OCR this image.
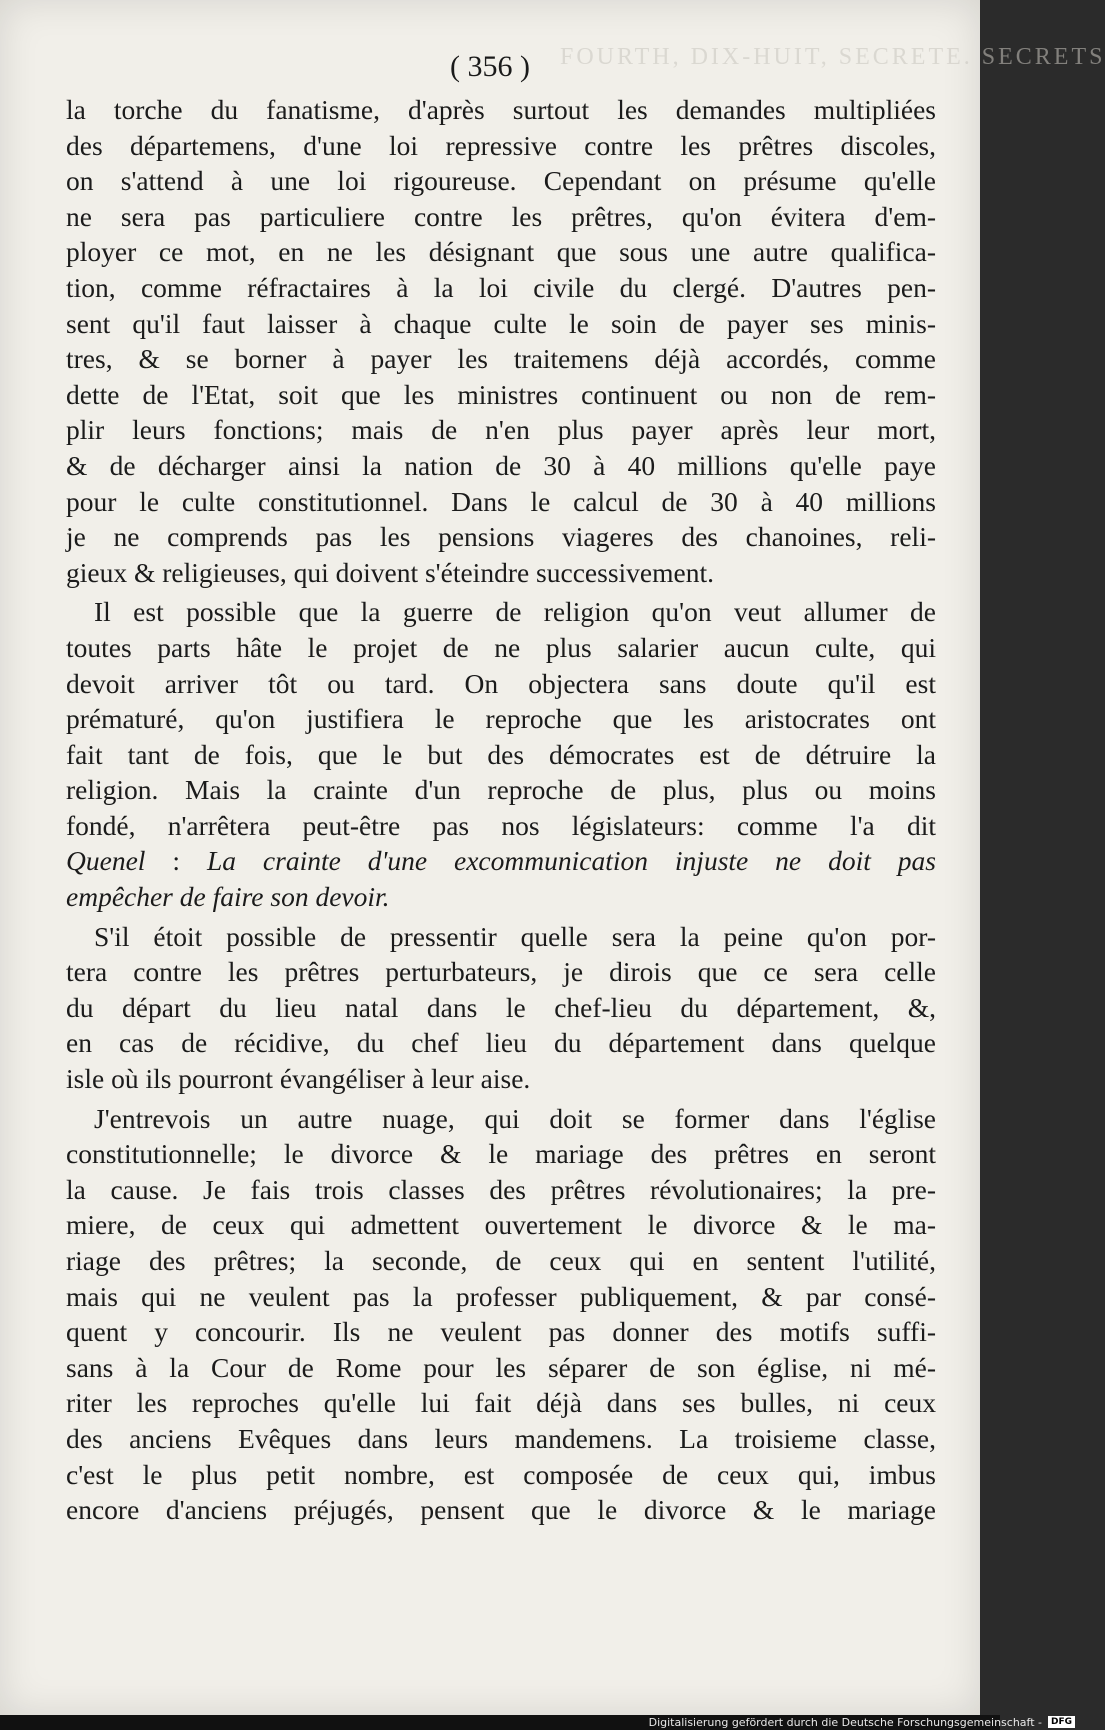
FOURTH, DIX-HUIT, SECRETE. SECRETS
( 356 )
la torche du fanatisme, d'après surtout les demandes multipliées
des départemens, d'une loi repressive contre les prêtres discoles,
on s'attend à une loi rigoureuse. Cependant on présume qu'elle
ne sera pas particuliere contre les prêtres, qu'on évitera d'em-
ployer ce mot, en ne les désignant que sous une autre qualifica-
tion, comme réfractaires à la loi civile du clergé. D'autres pen-
sent qu'il faut laisser à chaque culte le soin de payer ses minis-
tres, & se borner à payer les traitemens déjà accordés, comme
dette de l'Etat, soit que les ministres continuent ou non de rem-
plir leurs fonctions; mais de n'en plus payer après leur mort,
& de décharger ainsi la nation de 30 à 40 millions qu'elle paye
pour le culte constitutionnel. Dans le calcul de 30 à 40 millions
je ne comprends pas les pensions viageres des chanoines, reli-
gieux & religieuses, qui doivent s'éteindre successivement.
Il est possible que la guerre de religion qu'on veut allumer de
toutes parts hâte le projet de ne plus salarier aucun culte, qui
devoit arriver tôt ou tard. On objectera sans doute qu'il est
prématuré, qu'on justifiera le reproche que les aristocrates ont
fait tant de fois, que le but des démocrates est de détruire la
religion. Mais la crainte d'un reproche de plus, plus ou moins
fondé, n'arrêtera peut-être pas nos législateurs: comme l'a dit
Quenel : La crainte d'une excommunication injuste ne doit pas
empêcher de faire son devoir.
S'il étoit possible de pressentir quelle sera la peine qu'on por-
tera contre les prêtres perturbateurs, je dirois que ce sera celle
du départ du lieu natal dans le chef-lieu du département, &,
en cas de récidive, du chef lieu du département dans quelque
isle où ils pourront évangéliser à leur aise.
J'entrevois un autre nuage, qui doit se former dans l'église
constitutionnelle; le divorce & le mariage des prêtres en seront
la cause. Je fais trois classes des prêtres révolutionaires; la pre-
miere, de ceux qui admettent ouvertement le divorce & le ma-
riage des prêtres; la seconde, de ceux qui en sentent l'utilité,
mais qui ne veulent pas la professer publiquement, & par consé-
quent y concourir. Ils ne veulent pas donner des motifs suffi-
sans à la Cour de Rome pour les séparer de son église, ni mé-
riter les reproches qu'elle lui fait déjà dans ses bulles, ni ceux
des anciens Evêques dans leurs mandemens. La troisieme classe,
c'est le plus petit nombre, est composée de ceux qui, imbus
encore d'anciens préjugés, pensent que le divorce & le mariage
Digitalisierung gefördert durch die Deutsche Forschungsgemeinschaft -	DFG
